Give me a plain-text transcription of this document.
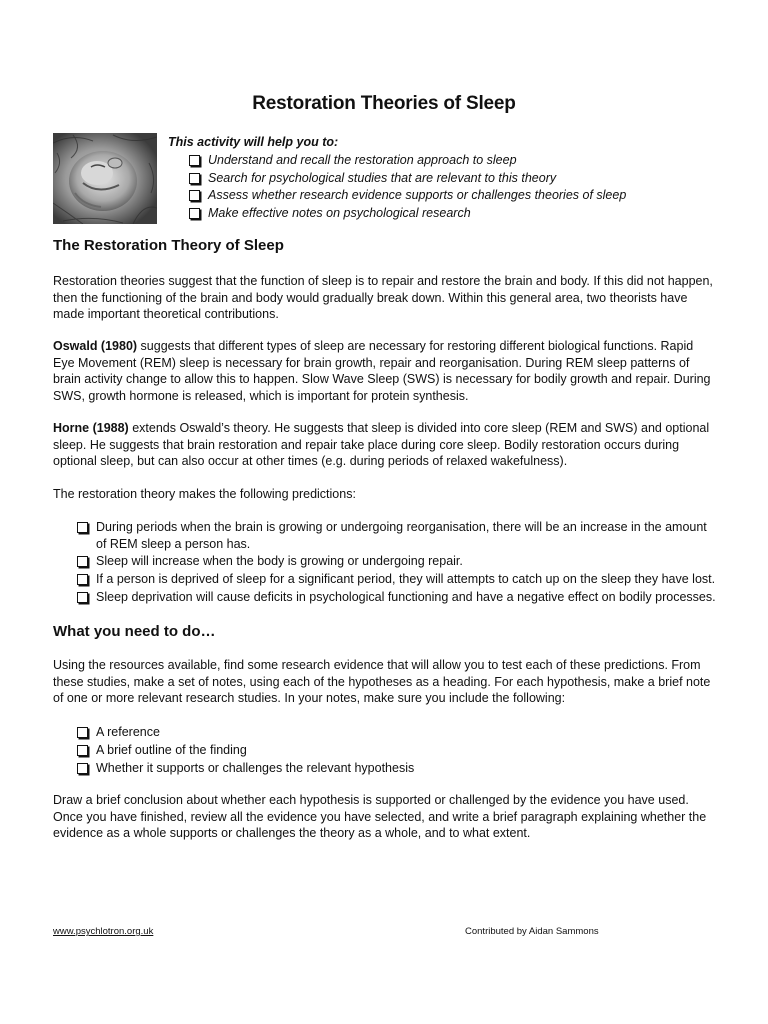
Restoration Theories of Sleep
This activity will help you to:
Understand and recall the restoration approach to sleep
Search for psychological studies that are relevant to this theory
Assess whether research evidence supports or challenges theories of sleep
Make effective notes on psychological research
The Restoration Theory of Sleep

Restoration theories suggest that the function of sleep is to repair and restore the brain and body. If this did not happen, then the functioning of the brain and body would gradually break down. Within this general area, two theorists have made important theoretical contributions.

Oswald (1980) suggests that different types of sleep are necessary for restoring different biological functions. Rapid Eye Movement (REM) sleep is necessary for brain growth, repair and reorganisation. During REM sleep patterns of brain activity change to allow this to happen. Slow Wave Sleep (SWS) is necessary for bodily growth and repair. During SWS, growth hormone is released, which is important for protein synthesis.

Horne (1988) extends Oswald’s theory. He suggests that sleep is divided into core sleep (REM and SWS) and optional sleep. He suggests that brain restoration and repair take place during core sleep. Bodily restoration occurs during optional sleep, but can also occur at other times (e.g. during periods of relaxed wakefulness).

The restoration theory makes the following predictions:

During periods when the brain is growing or undergoing reorganisation, there will be an increase in the amount of REM sleep a person has.
Sleep will increase when the body is growing or undergoing repair.
If a person is deprived of sleep for a significant period, they will attempts to catch up on the sleep they have lost.
Sleep deprivation will cause deficits in psychological functioning and have a negative effect on bodily processes.
What you need to do…

Using the resources available, find some research evidence that will allow you to test each of these predictions. From these studies, make a set of notes, using each of the hypotheses as a heading. For each hypothesis, make a brief note of one or more relevant research studies. In your notes, make sure you include the following:

A reference
A brief outline of the finding
Whether it supports or challenges the relevant hypothesis

Draw a brief conclusion about whether each hypothesis is supported or challenged by the evidence you have used. Once you have finished, review all the evidence you have selected, and write a brief paragraph explaining whether the evidence as a whole supports or challenges the theory as a whole, and to what extent.

www.psychlotron.org.uk	Contributed by Aidan Sammons
